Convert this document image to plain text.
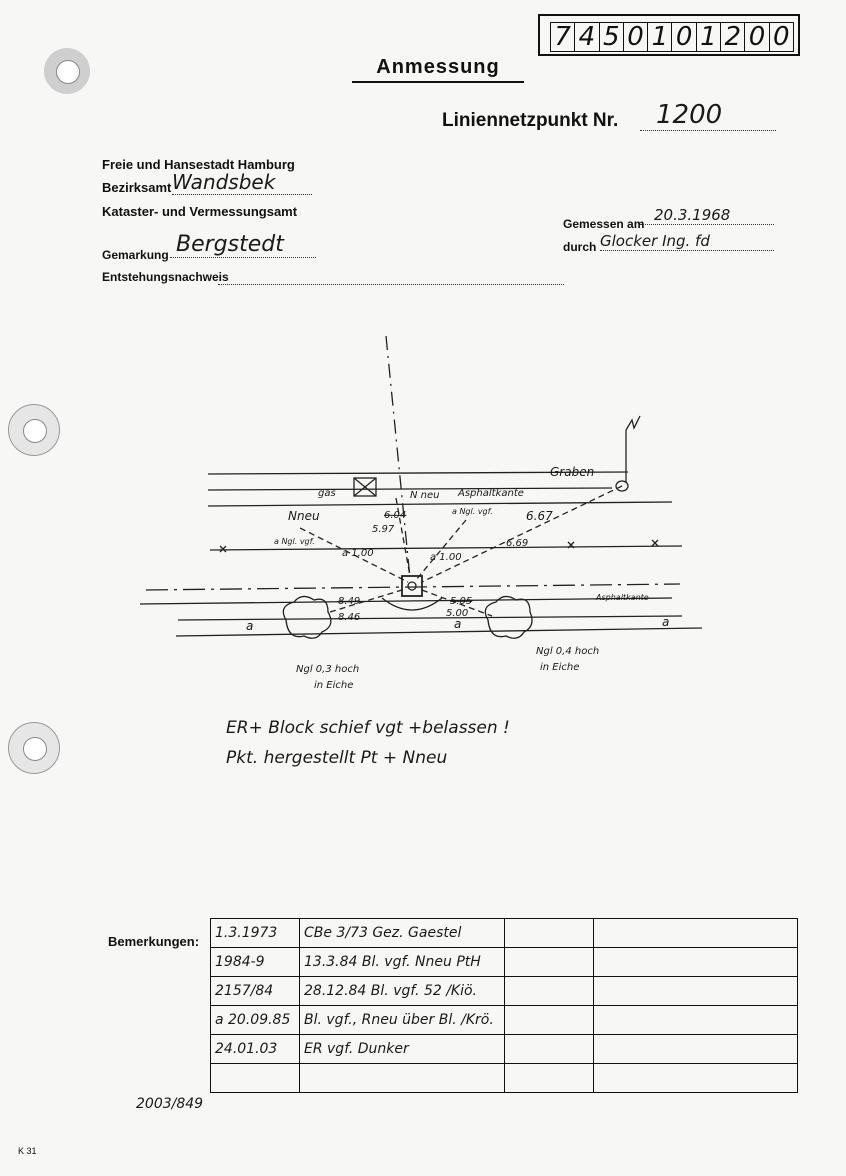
7 4 5 0 1 0 1 2 0 0
Anmessung
Liniennetzpunkt Nr.	1200
Freie und Hansestadt Hamburg
Bezirksamt Wandsbek
Kataster- und Vermessungsamt
Gemarkung Bergstedt
Entstehungsnachweis
Gemessen am 20.3.1968
durch Glocker Ing. fd
gas	N neu Asphaltkante
Graben
Nneu
a Ngl. vgf.
a Ngl. vgf.
a 1.00	a 1.00
5.97
6.04	6.67
6.69
8.49
8.46
5.05
5.00
Asphaltkante
Ngl 0,3 hoch
in Eiche
Ngl 0,4 hoch
in Eiche
a	a	a
ER+ Block schief vgt +belassen !
Pkt. hergestellt Pt + Nneu
Bemerkungen:
2003/849
1.3.1973	CBe 3/73 Gez. Gaestel		
1984-9	13.3.84 Bl. vgf. Nneu PtH		
2157/84	28.12.84 Bl. vgf. 52 /Kiö.		
a 20.09.85	Bl. vgf., Rneu über Bl. /Krö.		
24.01.03	ER vgf. Dunker		

K 31
